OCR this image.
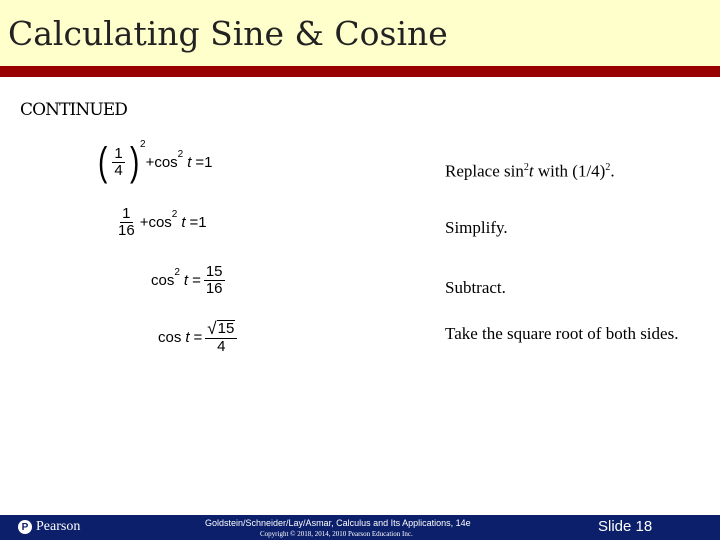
Calculating Sine & Cosine
CONTINUED
( $\frac{1}{4}$ ) 2
+ cos 2 t = 1
$\frac{1}{16} + \cos 2$ t = 1
cos 2 $t = \frac{15}{16}$
$\cos t = \frac{√ 15}{4}$
Replace $\sin^2t$ with $(1/4)^2$.
Simplify.
Subtract.
Take the square root of both sides.
P Pearson	Goldstein/Schneider/Lay/Asmar, Calculus and Its Applications, 14e
Copyright © 2018, 2014, 2010 Pearson Education Inc.	Slide 18
